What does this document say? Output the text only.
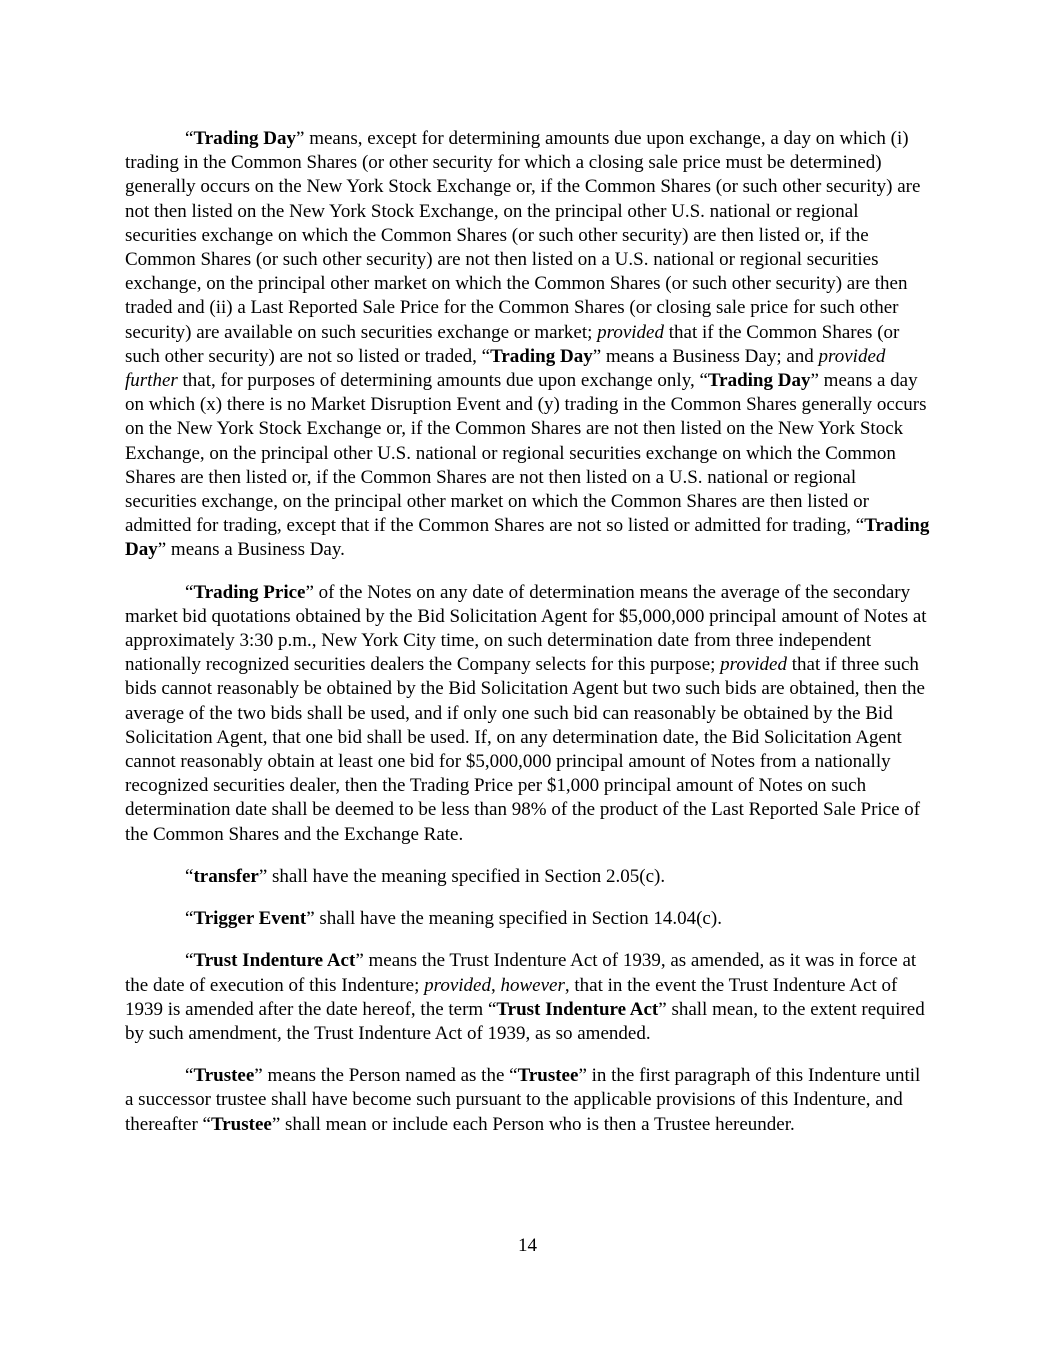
“Trading Day” means, except for determining amounts due upon exchange, a day on which (i) trading in the Common Shares (or other security for which a closing sale price must be determined) generally occurs on the New York Stock Exchange or, if the Common Shares (or such other security) are not then listed on the New York Stock Exchange, on the principal other U.S. national or regional securities exchange on which the Common Shares (or such other security) are then listed or, if the Common Shares (or such other security) are not then listed on a U.S. national or regional securities exchange, on the principal other market on which the Common Shares (or such other security) are then traded and (ii) a Last Reported Sale Price for the Common Shares (or closing sale price for such other security) are available on such securities exchange or market; provided that if the Common Shares (or such other security) are not so listed or traded, “Trading Day” means a Business Day; and provided further that, for purposes of determining amounts due upon exchange only, “Trading Day” means a day on which (x) there is no Market Disruption Event and (y) trading in the Common Shares generally occurs on the New York Stock Exchange or, if the Common Shares are not then listed on the New York Stock Exchange, on the principal other U.S. national or regional securities exchange on which the Common Shares are then listed or, if the Common Shares are not then listed on a U.S. national or regional securities exchange, on the principal other market on which the Common Shares are then listed or admitted for trading, except that if the Common Shares are not so listed or admitted for trading, “Trading Day” means a Business Day.

“Trading Price” of the Notes on any date of determination means the average of the secondary market bid quotations obtained by the Bid Solicitation Agent for $5,000,000 principal amount of Notes at approximately 3:30 p.m., New York City time, on such determination date from three independent nationally recognized securities dealers the Company selects for this purpose; provided that if three such bids cannot reasonably be obtained by the Bid Solicitation Agent but two such bids are obtained, then the average of the two bids shall be used, and if only one such bid can reasonably be obtained by the Bid Solicitation Agent, that one bid shall be used. If, on any determination date, the Bid Solicitation Agent cannot reasonably obtain at least one bid for $5,000,000 principal amount of Notes from a nationally recognized securities dealer, then the Trading Price per $1,000 principal amount of Notes on such determination date shall be deemed to be less than 98% of the product of the Last Reported Sale Price of the Common Shares and the Exchange Rate.

“transfer” shall have the meaning specified in Section 2.05(c).

“Trigger Event” shall have the meaning specified in Section 14.04(c).

“Trust Indenture Act” means the Trust Indenture Act of 1939, as amended, as it was in force at the date of execution of this Indenture; provided, however, that in the event the Trust Indenture Act of 1939 is amended after the date hereof, the term “Trust Indenture Act” shall mean, to the extent required by such amendment, the Trust Indenture Act of 1939, as so amended.

“Trustee” means the Person named as the “Trustee” in the first paragraph of this Indenture until a successor trustee shall have become such pursuant to the applicable provisions of this Indenture, and thereafter “Trustee” shall mean or include each Person who is then a Trustee hereunder.

14
